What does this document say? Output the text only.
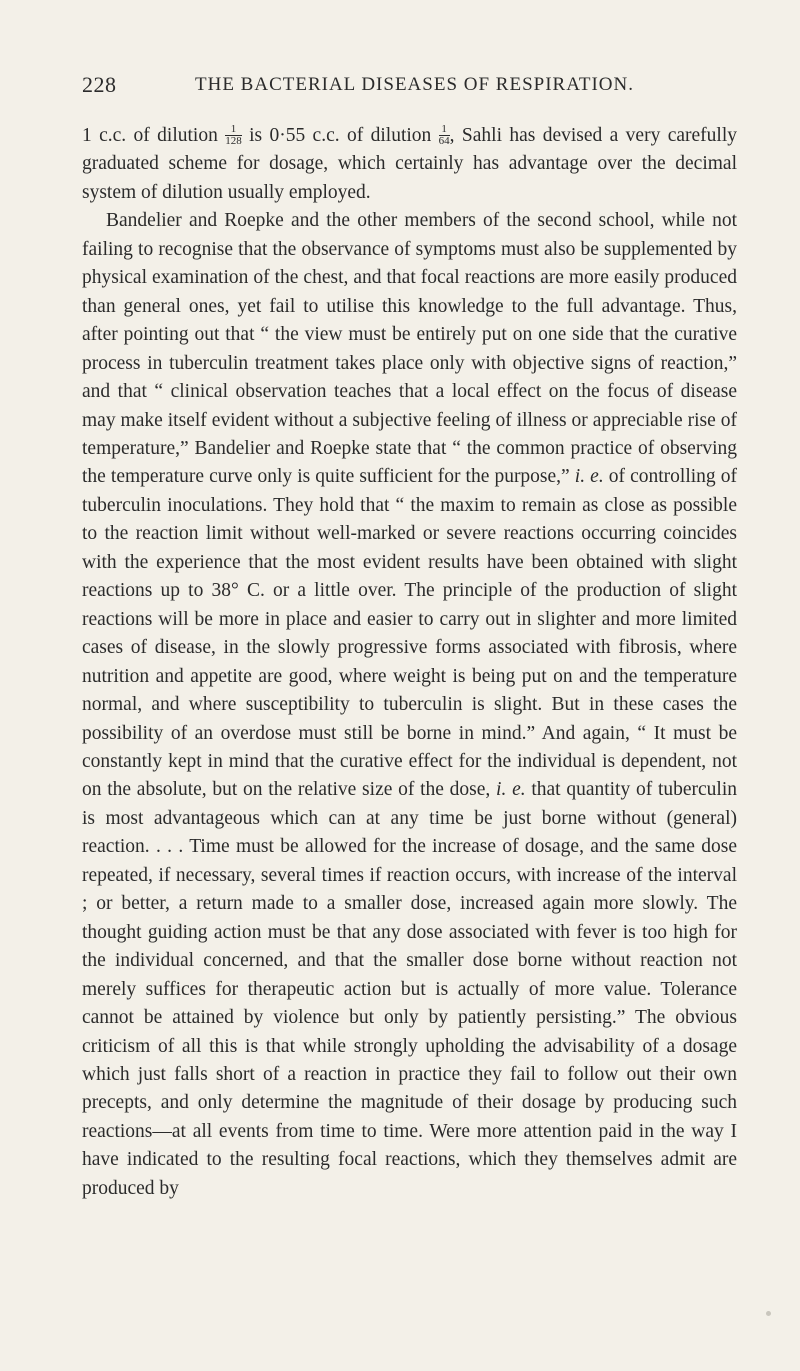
228	THE BACTERIAL DISEASES OF RESPIRATION.

1 c.c. of dilution $\frac{1}{128}$ is 0·55 c.c. of dilution $\frac{1}{64}$ , Sahli has devised a very carefully graduated scheme for dosage, which certainly has advantage over the decimal system of dilution usually employed.

Bandelier and Roepke and the other members of the second school, while not failing to recognise that the observance of symptoms must also be supplemented by physical examination of the chest, and that focal reactions are more easily produced than general ones, yet fail to utilise this knowledge to the full advantage. Thus, after pointing out that “ the view must be entirely put on one side that the curative process in tuberculin treatment takes place only with objective signs of reaction,” and that “ clinical observation teaches that a local effect on the focus of disease may make itself evident without a subjective feeling of illness or appreciable rise of temperature,” Bandelier and Roepke state that “ the common practice of observing the temperature curve only is quite sufficient for the purpose,” i. e. of controlling of tuberculin inoculations. They hold that “ the maxim to remain as close as possible to the reaction limit without well-marked or severe reactions occurring coincides with the experience that the most evident results have been obtained with slight reactions up to 38° C. or a little over. The principle of the production of slight reactions will be more in place and easier to carry out in slighter and more limited cases of disease, in the slowly progressive forms associated with fibrosis, where nutrition and appetite are good, where weight is being put on and the temperature normal, and where susceptibility to tuberculin is slight. But in these cases the possibility of an overdose must still be borne in mind.” And again, “ It must be constantly kept in mind that the curative effect for the individual is dependent, not on the absolute, but on the relative size of the dose, i. e. that quantity of tuberculin is most advantageous which can at any time be just borne without (general) reaction. . . . Time must be allowed for the increase of dosage, and the same dose repeated, if necessary, several times if reaction occurs, with increase of the interval ; or better, a return made to a smaller dose, increased again more slowly. The thought guiding action must be that any dose associated with fever is too high for the individual concerned, and that the smaller dose borne without reaction not merely suffices for therapeutic action but is actually of more value. Tolerance cannot be attained by violence but only by patiently persisting.” The obvious criticism of all this is that while strongly upholding the advisability of a dosage which just falls short of a reaction in practice they fail to follow out their own precepts, and only determine the magnitude of their dosage by producing such reactions—at all events from time to time. Were more attention paid in the way I have indicated to the resulting focal reactions, which they themselves admit are produced by
